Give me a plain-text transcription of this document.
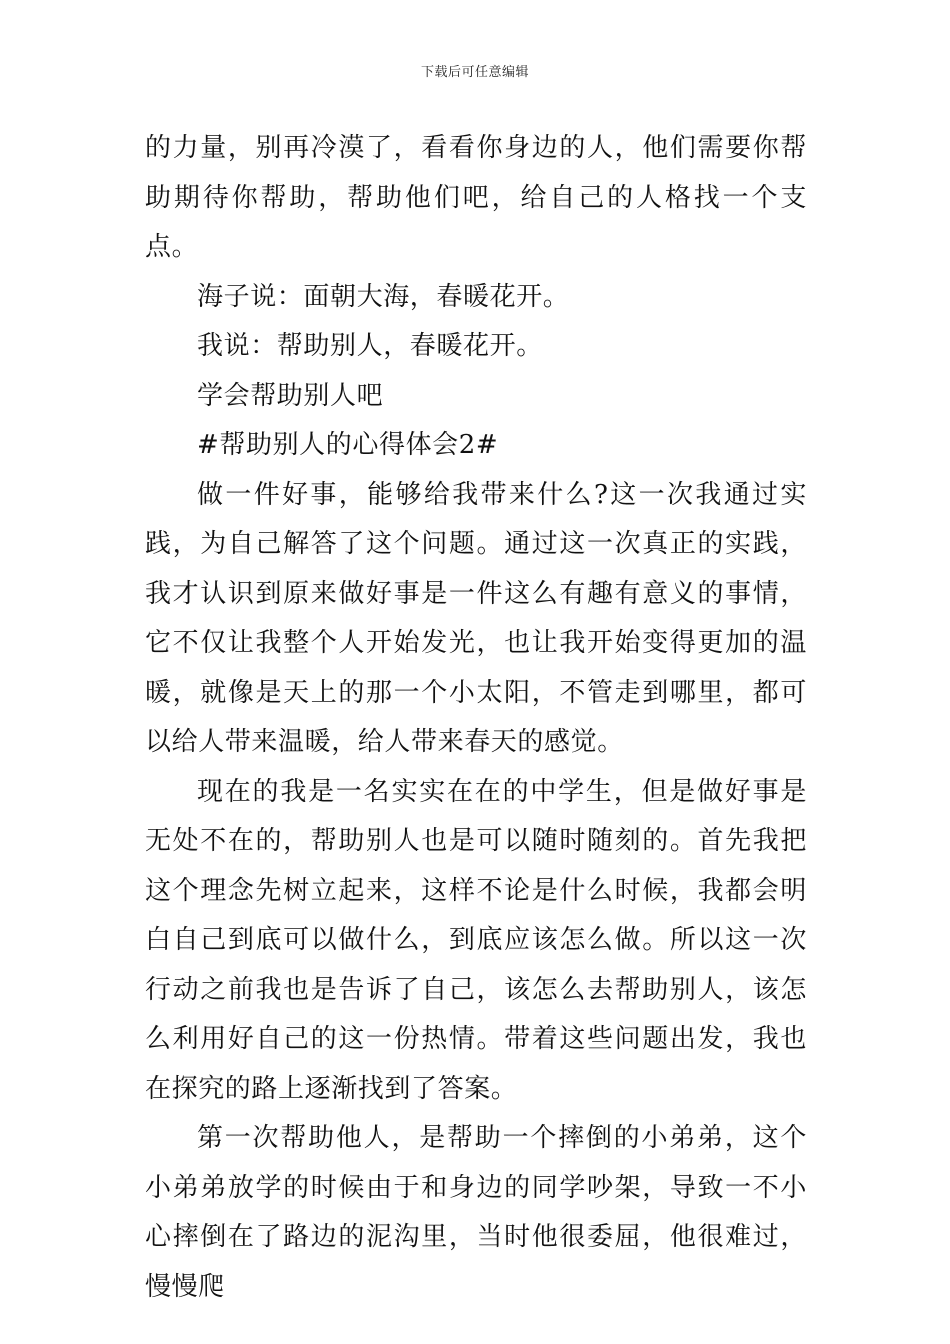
下载后可任意编辑

的力量，别再冷漠了，看看你身边的人，他们需要你帮助期待你帮助，帮助他们吧，给自己的人格找一个支点。

海子说：面朝大海，春暖花开。

我说：帮助别人，春暖花开。

学会帮助别人吧

#帮助别人的心得体会2#

做一件好事，能够给我带来什么?这一次我通过实践，为自己解答了这个问题。通过这一次真正的实践，我才认识到原来做好事是一件这么有趣有意义的事情，它不仅让我整个人开始发光，也让我开始变得更加的温暖，就像是天上的那一个小太阳，不管走到哪里，都可以给人带来温暖，给人带来春天的感觉。

现在的我是一名实实在在的中学生，但是做好事是无处不在的，帮助别人也是可以随时随刻的。首先我把这个理念先树立起来，这样不论是什么时候，我都会明白自己到底可以做什么，到底应该怎么做。所以这一次行动之前我也是告诉了自己，该怎么去帮助别人，该怎么利用好自己的这一份热情。带着这些问题出发，我也在探究的路上逐渐找到了答案。

第一次帮助他人，是帮助一个摔倒的小弟弟，这个小弟弟放学的时候由于和身边的同学吵架，导致一不小心摔倒在了路边的泥沟里，当时他很委屈，他很难过，慢慢爬
